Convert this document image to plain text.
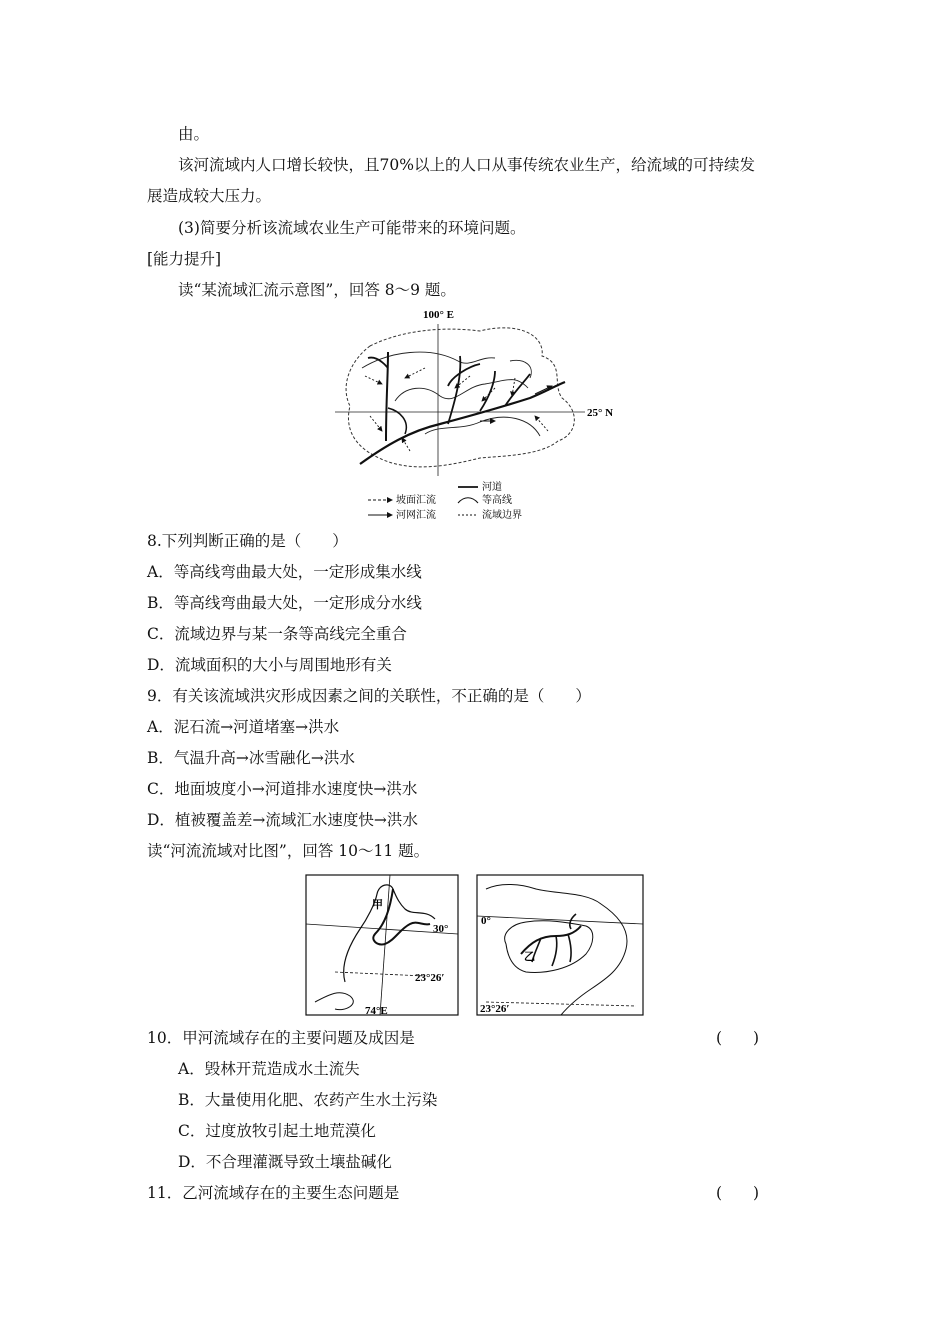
由。
该河流域内人口增长较快，且70%以上的人口从事传统农业生产，给流域的可持续发
展造成较大压力。
(3)简要分析该流域农业生产可能带来的环境问题。
[能力提升]
读“某流域汇流示意图”，回答 8～9 题。
100° E
25° N
坡面汇流
河网汇流
河道
等高线
流域边界
8.下列判断正确的是（　　）
A．等高线弯曲最大处，一定形成集水线
B．等高线弯曲最大处，一定形成分水线
C．流域边界与某一条等高线完全重合
D．流域面积的大小与周围地形有关
9．有关该流域洪灾形成因素之间的关联性，不正确的是（　　）
A．泥石流→河道堵塞→洪水
B．气温升高→冰雪融化→洪水
C．地面坡度小→河道排水速度快→洪水
D．植被覆盖差→流域汇水速度快→洪水
读“河流流域对比图”，回答 10～11 题。
甲
30°
23°26′
74°E
0°
乙
23°26′
10．甲河流域存在的主要问题及成因是	(　　)
A．毁林开荒造成水土流失
B．大量使用化肥、农药产生水土污染
C．过度放牧引起土地荒漠化
D．不合理灌溉导致土壤盐碱化
11．乙河流域存在的主要生态问题是	(　　)
